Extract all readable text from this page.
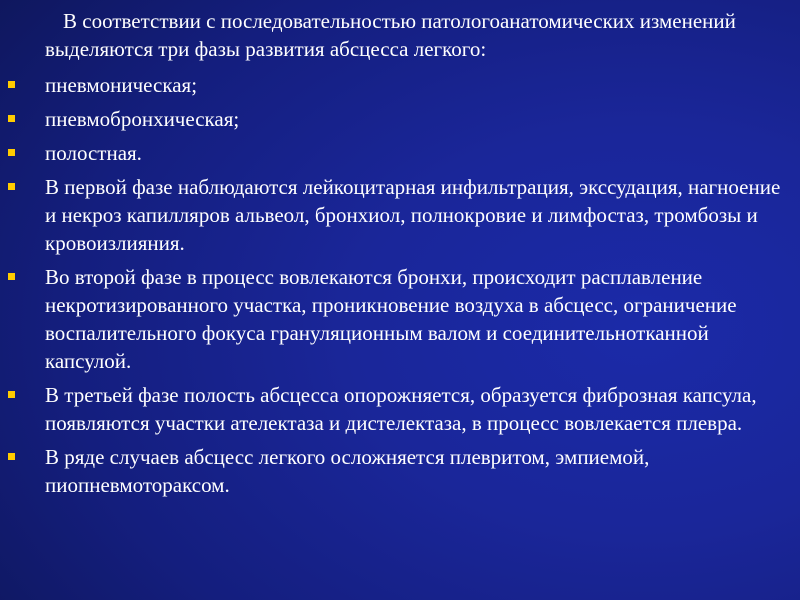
В соответствии с последовательностью патологоанатомических изменений выделяются три фазы развития абсцесса легкого:

пневмоническая;
пневмобронхическая;
полостная.
В первой фазе наблюдаются лейкоцитарная инфильтрация, экссудация, нагноение и некроз капилляров альвеол, бронхиол, полнокровие и лимфостаз, тромбозы и кровоизлияния.
Во второй фазе в процесс вовлекаются бронхи, происходит расплавление некротизированного участка, проникновение воздуха в абсцесс, ограничение воспалительного фокуса грануляционным валом и соединительнотканной капсулой.
В третьей фазе полость абсцесса опорожняется, образуется фиброзная капсула, появляются участки ателектаза и дистелектаза, в процесс вовлекается плевра.
В ряде случаев абсцесс легкого осложняется плевритом, эмпиемой, пиопневмотораксом.
